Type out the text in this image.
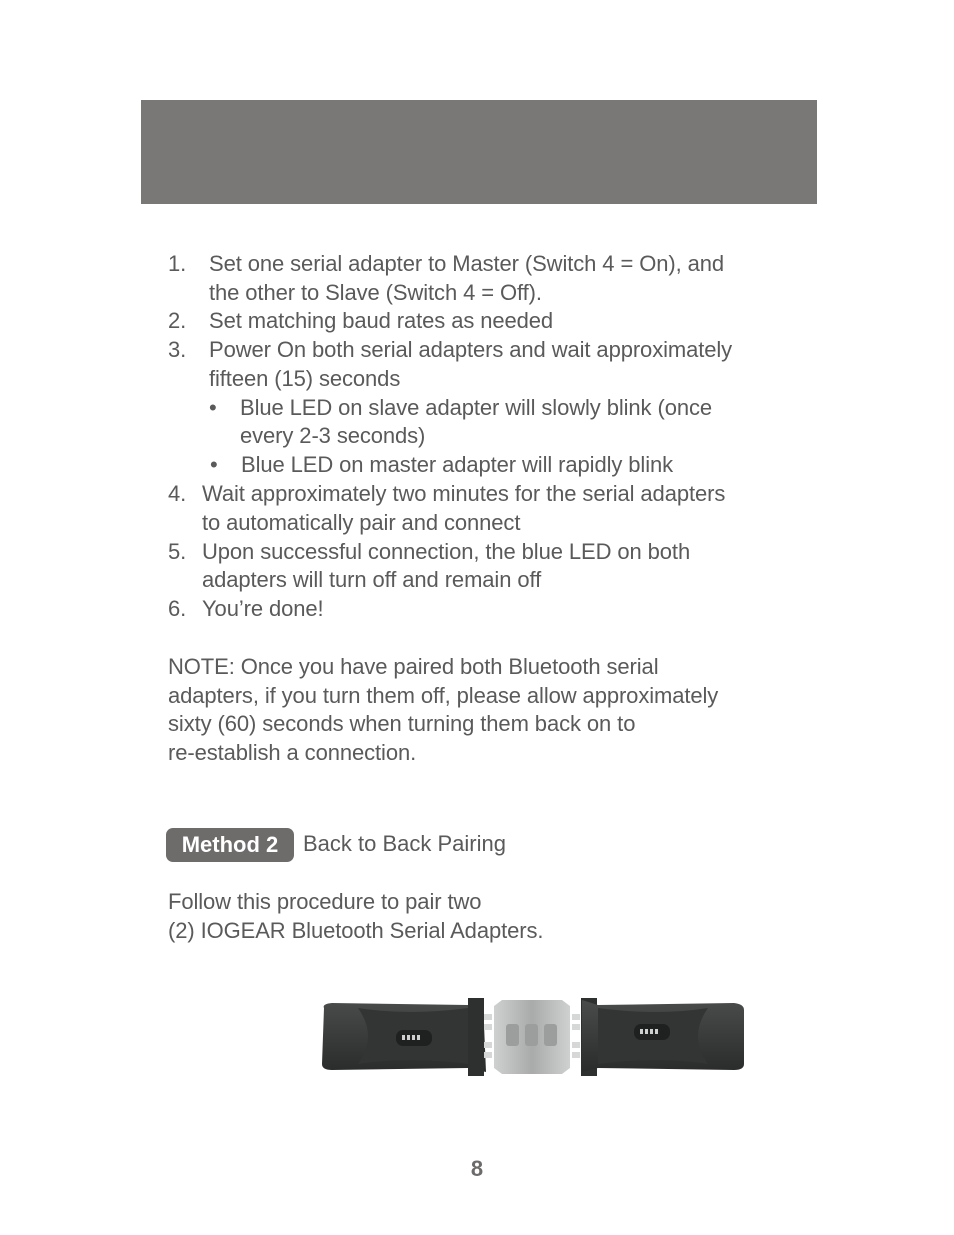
1. Set one serial adapter to Master (Switch 4 = On), and
the other to Slave (Switch 4 = Off).
2. Set matching baud rates as needed
3. Power On both serial adapters and wait approximately
fifteen (15) seconds
• Blue LED on slave adapter will slowly blink (once
every 2-3 seconds)
• Blue LED on master adapter will rapidly blink
4. Wait approximately two minutes for the serial adapters
to automatically pair and connect
5. Upon successful connection, the blue LED on both
adapters will turn off and remain off
6. You’re done!
NOTE: Once you have paired both Bluetooth serial
adapters, if you turn them off, please allow approximately
sixty (60) seconds when turning them back on to
re-establish a connection.
Method 2	Back to Back Pairing
Follow this procedure to pair two
(2) IOGEAR Bluetooth Serial Adapters.
8
